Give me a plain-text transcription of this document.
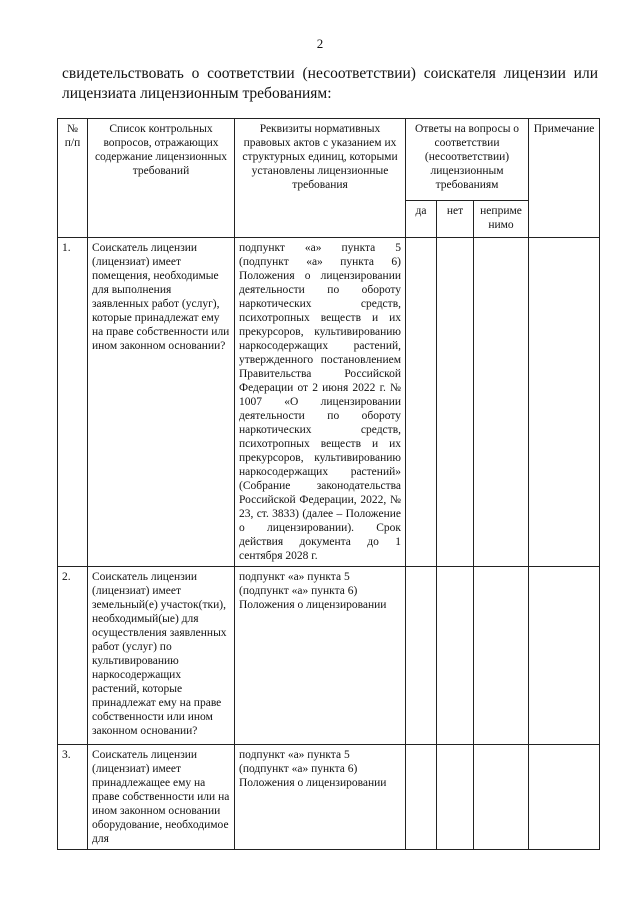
2
свидетельствовать о соответствии (несоответствии) соискателя лицензии или лицензиата лицензионным требованиям:
№ п/п	Список контрольных вопросов, отражающих содержание лицензионных требований	Реквизиты нормативных правовых актов с указанием их структурных единиц, которыми установлены лицензионные требования	Ответы на вопросы о соответствии (несоответствии) лицензионным требованиям			Примечание
			да	нет	неприме нимо	
1.	Соискатель лицензии (лицензиат) имеет помещения, необходимые для выполнения заявленных работ (услуг), которые принадлежат ему на праве собственности или ином законном основании?	подпункт «а» пункта 5 (подпункт «а» пункта 6) Положения о лицензировании деятельности по обороту наркотических средств, психотропных веществ и их прекурсоров, культивированию наркосодержащих растений, утвержденного постановлением Правительства Российской Федерации от 2 июня 2022 г. № 1007 «О лицензировании деятельности по обороту наркотических средств, психотропных веществ и их прекурсоров, культивированию наркосодержащих растений» (Собрание законодательства Российской Федерации, 2022, № 23, ст. 3833) (далее – Положение о лицензировании). Срок действия документа до 1 сентября 2028 г.				
2.	Соискатель лицензии (лицензиат) имеет земельный(е) участок(тки), необходимый(ые) для осуществления заявленных работ (услуг) по культивированию наркосодержащих растений, которые принадлежат ему на праве собственности или ином законном основании?	подпункт «а» пункта 5 (подпункт «а» пункта 6) Положения о лицензировании				
3.	Соискатель лицензии (лицензиат) имеет принадлежащее ему на праве собственности или на ином законном основании оборудование, необходимое для	подпункт «а» пункта 5 (подпункт «а» пункта 6) Положения о лицензировании				
